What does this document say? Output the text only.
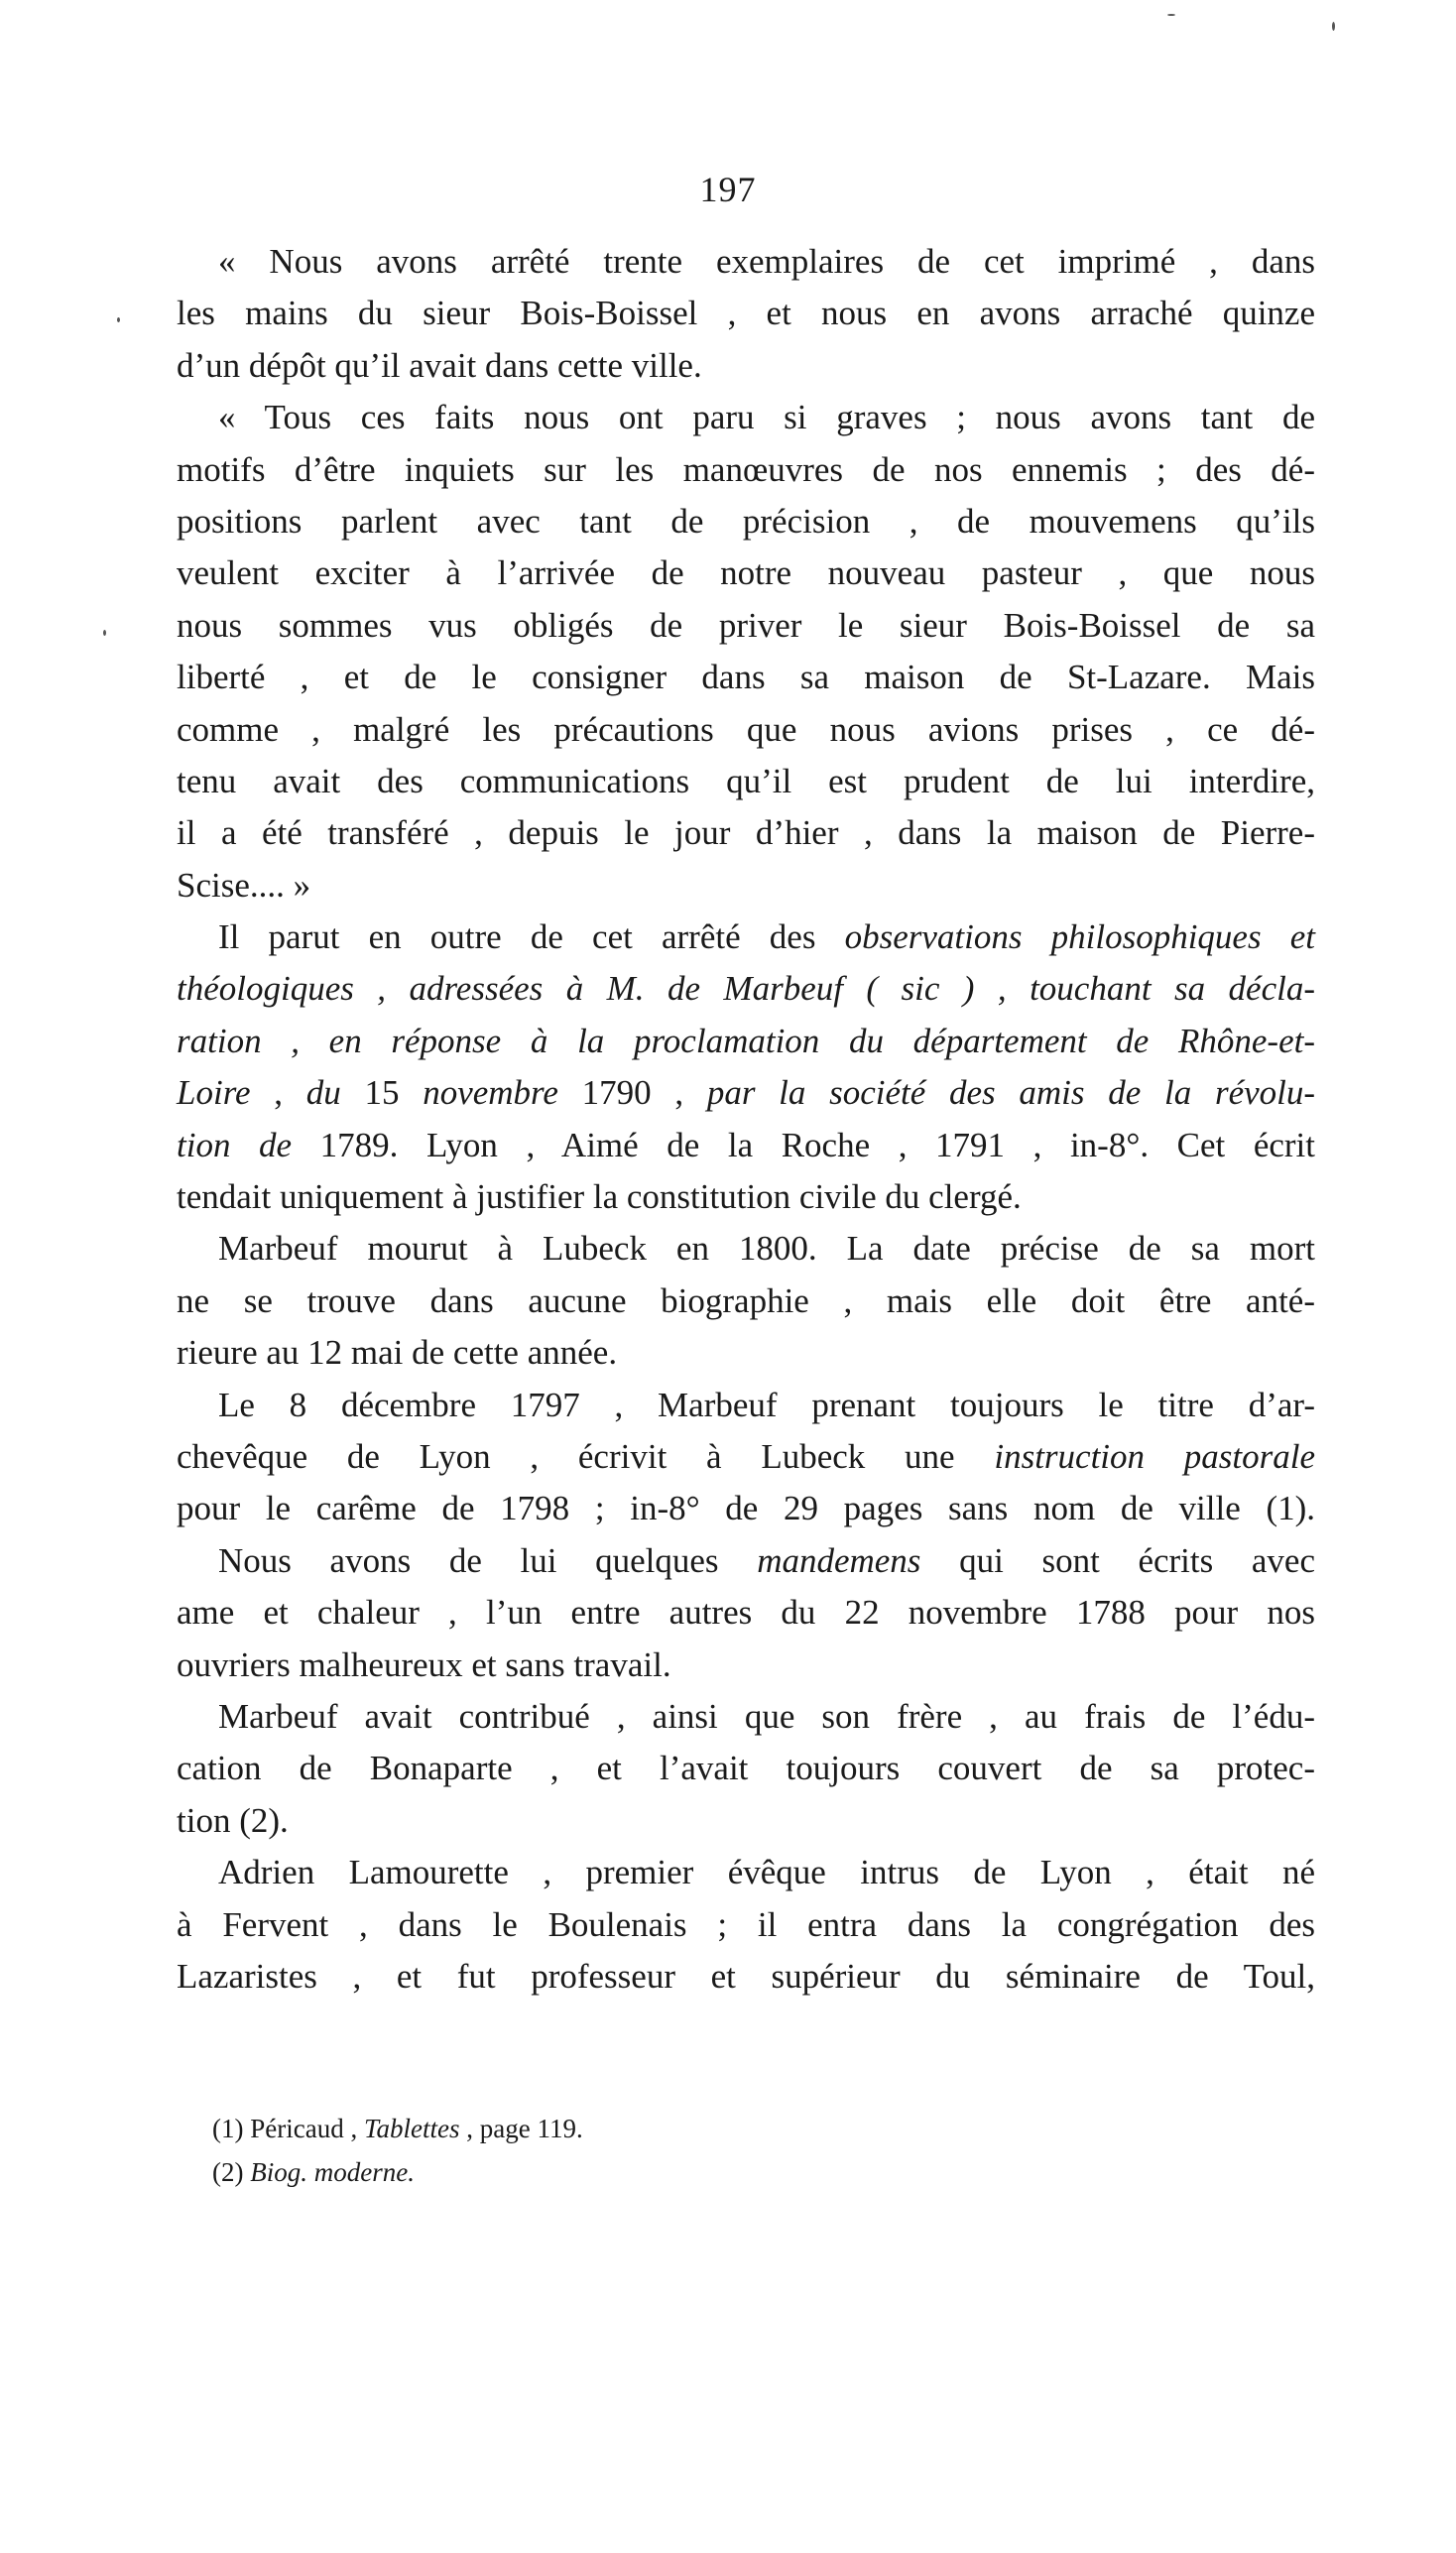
197
« Nous avons arrêté trente exemplaires de cet imprimé , dans
les mains du sieur Bois-Boissel , et nous en avons arraché quinze
d’un dépôt qu’il avait dans cette ville.
« Tous ces faits nous ont paru si graves ; nous avons tant de
motifs d’être inquiets sur les manœuvres de nos ennemis ; des dé-
positions parlent avec tant de précision , de mouvemens qu’ils
veulent exciter à l’arrivée de notre nouveau pasteur , que nous
nous sommes vus obligés de priver le sieur Bois-Boissel de sa
liberté , et de le consigner dans sa maison de St-Lazare. Mais
comme , malgré les précautions que nous avions prises , ce dé-
tenu avait des communications qu’il est prudent de lui interdire,
il a été transféré , depuis le jour d’hier , dans la maison de Pierre-
Scise.... »
Il parut en outre de cet arrêté des observations philosophiques et
théologiques , adressées à M. de Marbeuf ( sic ) , touchant sa décla-
ration , en réponse à la proclamation du département de Rhône-et-
Loire , du 15 novembre 1790 , par la société des amis de la révolu-
tion de 1789. Lyon , Aimé de la Roche , 1791 , in-8°. Cet écrit
tendait uniquement à justifier la constitution civile du clergé.
Marbeuf mourut à Lubeck en 1800. La date précise de sa mort
ne se trouve dans aucune biographie , mais elle doit être anté-
rieure au 12 mai de cette année.
Le 8 décembre 1797 , Marbeuf prenant toujours le titre d’ar-
chevêque de Lyon , écrivit à Lubeck une instruction pastorale
pour le carême de 1798 ; in-8° de 29 pages sans nom de ville (1).
Nous avons de lui quelques mandemens qui sont écrits avec
ame et chaleur , l’un entre autres du 22 novembre 1788 pour nos
ouvriers malheureux et sans travail.
Marbeuf avait contribué , ainsi que son frère , au frais de l’édu-
cation de Bonaparte , et l’avait toujours couvert de sa protec-
tion (2).
Adrien Lamourette , premier évêque intrus de Lyon , était né
à Fervent , dans le Boulenais ; il entra dans la congrégation des
Lazaristes , et fut professeur et supérieur du séminaire de Toul,
(1) Péricaud , Tablettes , page 119.
(2) Biog. moderne.
